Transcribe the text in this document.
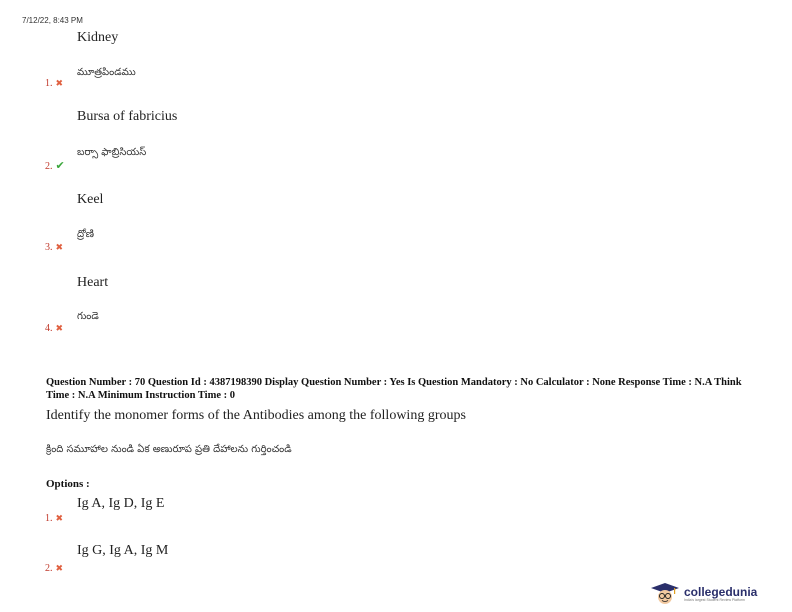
7/12/22, 8:43 PM
Kidney
మూత్రపిండము
1. ✖
Bursa of fabricius
బర్సా ఫాబ్రిసియస్
2. ✔
Keel
ద్రోణి
3. ✖
Heart
గుండె
4. ✖
Question Number : 70 Question Id : 4387198390 Display Question Number : Yes Is Question Mandatory : No Calculator : None Response Time : N.A Think Time : N.A Minimum Instruction Time : 0
Identify the monomer forms of the Antibodies among the following groups
క్రింది సమూహాల నుండి ఏక అణురూప ప్రతి దేహాలను గుర్తించండి
Options :
Ig A, Ig D, Ig E
1. ✖
Ig G, Ig A, Ig M
2. ✖
collegedunia
India's largest Student Review Platform
